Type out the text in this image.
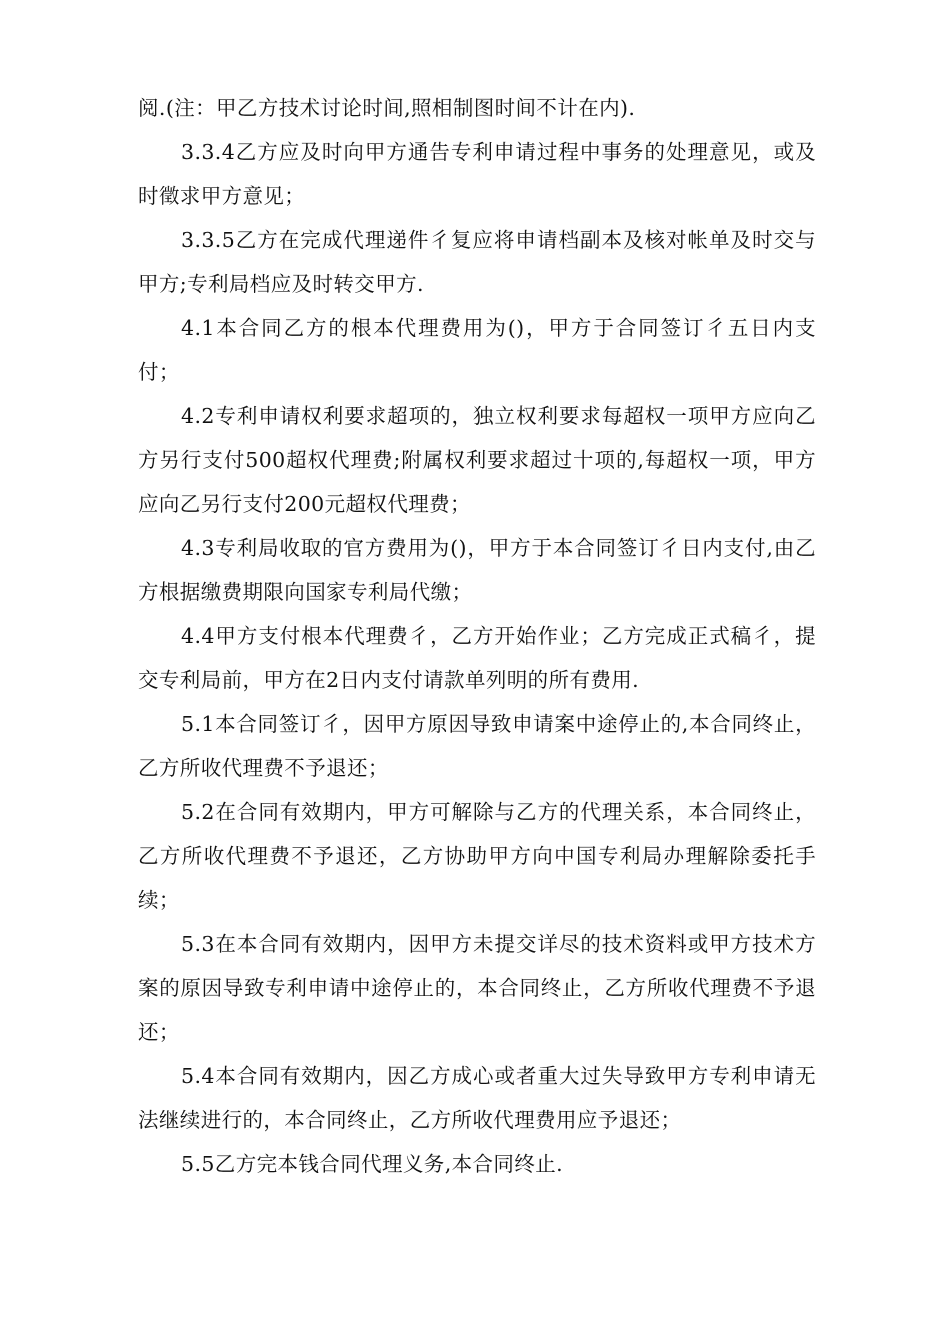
阅.(注：甲乙方技术讨论时间,照相制图时间不计在内).

3.3.4乙方应及时向甲方通告专利申请过程中事务的处理意见，或及时徵求甲方意见；

3.3.5乙方在完成代理递件彳复应将申请档副本及核对帐单及时交与甲方;专利局档应及时转交甲方.

4.1本合同乙方的根本代理费用为()，甲方于合同签订彳五日内支付；

4.2专利申请权利要求超项的，独立权利要求每超权一项甲方应向乙方另行支付500超权代理费;附属权利要求超过十项的,每超权一项，甲方应向乙另行支付200元超权代理费；

4.3专利局收取的官方费用为()，甲方于本合同签订彳日内支付,由乙方根据缴费期限向国家专利局代缴；

4.4甲方支付根本代理费彳，乙方开始作业；乙方完成正式稿彳，提交专利局前，甲方在2日内支付请款单列明的所有费用.

5.1本合同签订彳，因甲方原因导致申请案中途停止的,本合同终止，乙方所收代理费不予退还；

5.2在合同有效期内，甲方可解除与乙方的代理关系，本合同终止，乙方所收代理费不予退还，乙方协助甲方向中国专利局办理解除委托手续；

5.3在本合同有效期内，因甲方未提交详尽的技术资料或甲方技术方案的原因导致专利申请中途停止的，本合同终止，乙方所收代理费不予退还；

5.4本合同有效期内，因乙方成心或者重大过失导致甲方专利申请无法继续进行的，本合同终止，乙方所收代理费用应予退还；

5.5乙方完本钱合同代理义务,本合同终止.
